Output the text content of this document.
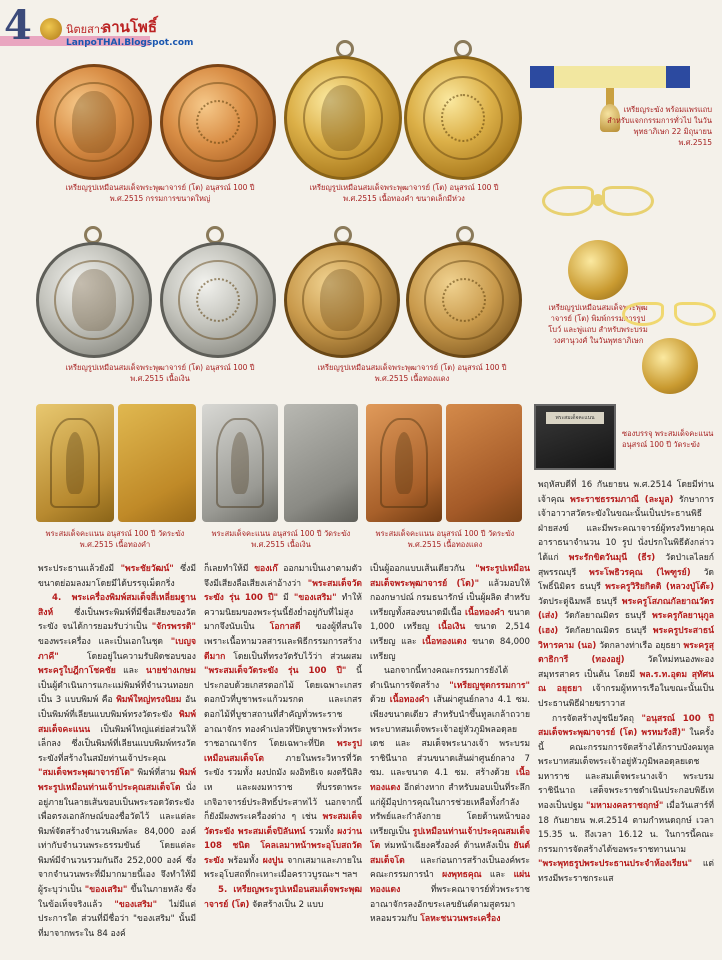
4	นิตยสาร
ลานโพธิ์
LanpoTHAI.Blogspot.com
เหรียญรูปเหมือนสมเด็จพระพุฒาจารย์ (โต) อนุสรณ์ 100 ปี พ.ศ.2515 กรรมการขนาดใหญ่
เหรียญรูปเหมือนสมเด็จพระพุฒาจารย์ (โต) อนุสรณ์ 100 ปี พ.ศ.2515 เนื้อทองคำ ขนาดเล็กมีห่วง
เหรียญระฆัง พร้อมแพรแถบ สำหรับแจกกรรมการทั่วไป ในวันพุทธาภิเษก 22 มิถุนายน พ.ศ.2515
เหรียญรูปเหมือนสมเด็จพระพุฒาจารย์ (โต) อนุสรณ์ 100 ปี พ.ศ.2515 เนื้อเงิน
เหรียญรูปเหมือนสมเด็จพระพุฒาจารย์ (โต) อนุสรณ์ 100 ปี พ.ศ.2515 เนื้อทองแดง
เหรียญรูปเหมือนสมเด็จพระพุฒาจารย์ (โต) พิมพ์กรรมการรูปโบว์ และพู่แถบ สำหรับพระบรมวงศานุวงศ์ ในวันพุทธาภิเษก
พระสมเด็จคะแนน
ซองบรรจุ พระสมเด็จคะแนน อนุสรณ์ 100 ปี วัดระฆัง
พระสมเด็จคะแนน อนุสรณ์ 100 ปี วัดระฆัง พ.ศ.2515 เนื้อทองคำ
พระสมเด็จคะแนน อนุสรณ์ 100 ปี วัดระฆัง พ.ศ.2515 เนื้อเงิน
พระสมเด็จคะแนน อนุสรณ์ 100 ปี วัดระฆัง พ.ศ.2515 เนื้อทองแดง

พฤหัสบดีที่ 16 กันยายน พ.ศ.2514 โดยมีท่านเจ้าคุณ พระราชธรรมภาณี (ละมูล) รักษาการเจ้าอาวาสวัดระฆังในขณะนั้นเป็นประธานพิธีฝ่ายสงฆ์ และมีพระคณาจารย์ผู้ทรงวิทยาคุณอาราธนาจำนวน 10 รูป นั่งปรกในพิธีดังกล่าว ได้แก่ พระรักขิตวันมุนี (ธีร) วัดป่าเลไลยก์ สุพรรณบุรี พระโพธิวรคุณ (ไพฑูรย์) วัดโพธิ์นิมิตร ธนบุรี พระครูวิริยกิตติ (หลวงปู่โต๊ะ) วัดประดู่ฉิมพลี ธนบุรี พระครูโสภณกัลยาณวัตร (เส่ง) วัดกัลยาณมิตร ธนบุรี พระครูกัลยานุกูล (เฮง) วัดกัลยาณมิตร ธนบุรี พระครูประสาธน์วิหารคาม (นอ) วัดกลางท่าเรือ อยุธยา พระครูสุตาธิการี (ทองอยู่) วัดใหม่หนองพะอง สมุทรสาคร เป็นต้น โดยมี พล.ร.ท.อุดม สุทัศน ณ อยุธยา เจ้ากรมผู้ทหารเรือในขณะนั้นเป็นประธานพิธีฝ่ายฆราวาส

การจัดสร้างปูชนียวัตถุ "อนุสรณ์ 100 ปี สมเด็จพระพุฒาจารย์ (โต) พรหมรังสี)" ในครั้งนี้ คณะกรรมการจัดสร้างได้กราบบังคมทูลพระบาทสมเด็จพระเจ้าอยู่หัวภูมิพลอดุลยเดชมหาราช และสมเด็จพระนางเจ้า พระบรมราชินีนาถ เสด็จพระราชดำเนินประกอบพิธีเททองเป็นปฐม "มหามงคลราชฤกษ์" เมื่อวันเสาร์ที่ 18 กันยายน พ.ศ.2514 ตามกำหนดฤกษ์ เวลา 15.35 น. ถึงเวลา 16.12 น. ในการนี้คณะกรรมการจัดสร้างได้ขอพระราชทานนาม "พระพุทธรูปพระประธานประจำห้องเรียน" แต่ทรงมีพระราชกระแส

พระประธานแล้วยังมี "พระชัยวัฒน์" ซึ่งมีขนาดย่อมลงมาโดยมีได้บรรจุเม็ดกริ่ง

4. พระเครื่องพิมพ์สมเด็จสี่เหลี่ยมฐานสิงห์ ซึ่งเป็นพระพิมพ์ที่มีชื่อเสียงของวัดระฆัง จนได้การยอมรับว่าเป็น "จักรพรรดิ" ของพระเครื่อง และเป็นเอกในชุด "เบญจภาคี" โดยอยู่ในความรับผิดชอบของ พระครูใบฎีกาโชคชัย และ นายช่างเกษม เป็นผู้ดำเนินการแกะแม่พิมพ์ที่จำนวนทอยกเป็น 3 แบบพิมพ์ คือ พิมพ์ใหญ่ทรงนิยม อันเป็นพิมพ์ที่เลียนแบบพิมพ์ทรงวัดระฆัง พิมพ์สมเด็จคะแนน เป็นพิมพ์ใหญ่แต่ย่อส่วนให้เล็กลง ซึ่งเป็นพิมพ์ที่เลียนแบบพิมพ์ทรงวัดระฆังที่สร้างในสมัยท่านเจ้าประคุณ "สมเด็จพระพุฒาจารย์โต" พิมพ์ที่สาม พิมพ์พระรูปเหมือนท่านเจ้าประคุณสมเด็จโต นั่งอยู่ภายในลายเส้นขอบเป็นพระรอดวัดระฆัง เพื่อตรงเอกลักษณ์ของชื่อวัดไว้ และแต่ละพิมพ์จัดสร้างจำนวนพิมพ์ละ 84,000 องค์ เท่ากับจำนวนพระธรรมขันธ์ โดยแต่ละพิมพ์มีจำนวนรวมกันถึง 252,000 องค์ ซึ่งจากจำนวนพระที่มีมากมายนี้เอง จึงทำให้มีผู้ระบุว่าเป็น "ของเสริม" ขึ้นในภายหลัง ซึ่งในข้อเท็จจริงแล้ว "ของเสริม" ไม่มีแต่ประการใด ส่วนที่มีชื่อว่า "ของเสริม" นั้นมีที่มาจากพระใน 84 องค์

ก็เลยทำให้มี ของเก๊ ออกมาเป็นเงาตามตัว จึงมีเสียงลือเสียงเล่าอ้างว่า "พระสมเด็จวัดระฆัง รุ่น 100 ปี" มี "ของเสริม" ทำให้ความนิยมของพระรุ่นนี้ยังย่ำอยู่กับที่ไม่สูงมากจึงนับเป็น โอกาสดี ของผู้ที่สนใจ เพราะเนื้อหามวลสารและพิธีกรรมการสร้าง ดีมาก โดยเป็นที่ทรงวัดรับไว้ว่า ส่วนผสม "พระสมเด็จวัดระฆัง รุ่น 100 ปี" นี้ประกอบด้วยเกสรดอกไม้ โดยเฉพาะเกสรดอกบัวที่บูชาพระแก้วมรกต และเกสรดอกไม้ที่บูชาสถานที่สำคัญทั่วพระราชอาณาจักร ทองคำเปลวที่ปิดบูชาพระทั่วพระราชอาณาจักร โดยเฉพาะที่ปิด พระรูปเหมือนสมเด็จโต ภายในพระวิหารที่วัดระฆัง รวมทั้ง ผงปถมัง ผงอิทธิเจ ผงตรีนิสิงเห และผงมหาราช ที่บรรดาพระเกจิอาจารย์ประสิทธิ์ประสาทไว้ นอกจากนี้ก็ยังมีผงพระเครื่องต่าง ๆ เช่น พระสมเด็จวัดระฆัง พระสมเด็จปิลันทน์ รวมทั้ง ผงว่าน 108 ชนิด โคลเลมาหน้าพระอุโบสถวัดระฆัง พร้อมทั้ง ผงปูน จากเสมาและภายในพระอุโบสถที่กะเทาะเมื่อคราวบูรณะฯ ฯลฯ

5. เหรียญพระรูปเหมือนสมเด็จพระพุฒาจารย์ (โต) จัดสร้างเป็น 2 แบบ

เป็นผู้ออกแบบเส้นเดียวกัน "พระรูปเหมือนสมเด็จพระพุฒาจารย์ (โต)" แล้วมอบให้กองกษาปณ์ กรมธนารักษ์ เป็นผู้ผลิต สำหรับเหรียญทั้งสองขนาดมีเนื้อ เนื้อทองคำ ขนาด 1,000 เหรียญ เนื้อเงิน ขนาด 2,514 เหรียญ และ เนื้อทองแดง ขนาด 84,000 เหรียญ

นอกจากนี้ทางคณะกรรมการยังได้ดำเนินการจัดสร้าง "เหรียญชุดกรรมการ" ด้วย เนื้อทองคำ เส้นผ่าศูนย์กลาง 4.1 ซม. เพียงขนาดเดียว สำหรับนำขึ้นทูลเกล้าถวายพระบาทสมเด็จพระเจ้าอยู่หัวภูมิพลอดุลยเดช และ สมเด็จพระนางเจ้า พระบรมราชินีนาถ ส่วนขนาดเส้นผ่าศูนย์กลาง 7 ซม. และขนาด 4.1 ซม. สร้างด้วย เนื้อทองแดง อีกต่างหาก สำหรับมอบเป็นที่ระลึกแก่ผู้มีอุปการคุณในการช่วยเหลือทั้งกำลังทรัพย์และกำลังกาย โดยด้านหน้าของเหรียญเป็น รูปเหมือนท่านเจ้าประคุณสมเด็จโต ห่มหน้าเฉียงครึ่งองค์ ด้านหลังเป็น ยันต์สมเด็จโต และก่อนการสร้างเป็นองค์พระ คณะกรรมการนำ ผงพุทธคุณ และ แผ่นทองแดง ที่พระคณาจารย์ทั่วพระราชอาณาจักรลงอักขระเลขยันต์ตามสูตรมาหลอมรวมกับ โลหะชนวนพระเครื่อง
